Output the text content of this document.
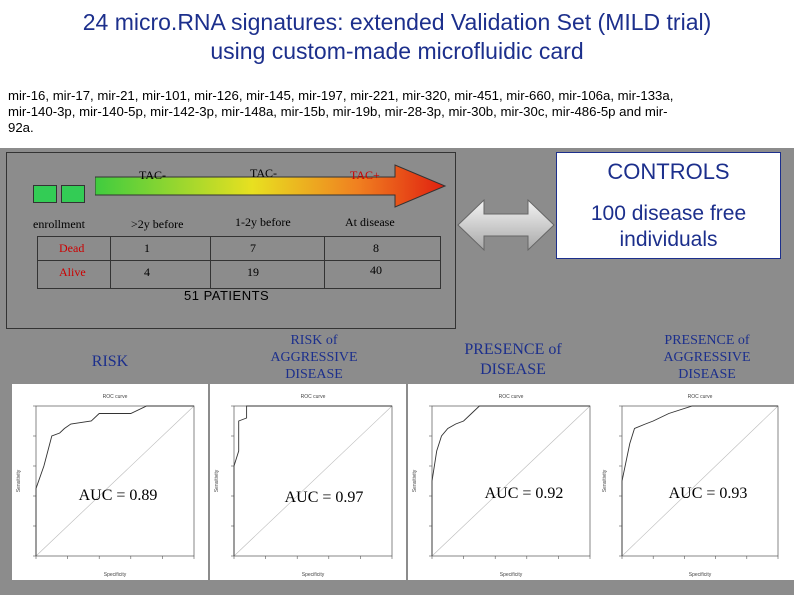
24 micro.RNA signatures: extended Validation Set (MILD trial)
using custom-made microfluidic card
mir-16, mir-17, mir-21, mir-101, mir-126, mir-145, mir-197, mir-221, mir-320, mir-451, mir-660, mir-106a, mir-133a,
mir-140-3p, mir-140-5p, mir-142-3p, mir-148a, mir-15b, mir-19b, mir-28-3p, mir-30b, mir-30c, mir-486-5p and mir-
92a.
TAC-	TAC-	TAC+
enrollment	>2y before	1-2y before	At disease
Dead	1	7	8
Alive	4	19	40
51 PATIENTS
CONTROLS
100 disease free individuals
RISK
RISK of AGGRESSIVE DISEASE
PRESENCE of DISEASE
PRESENCE of AGGRESSIVE DISEASE
ROC curve
Specificity
Sensitivity
ROC curve
Specificity
Sensitivity
ROC curve
Specificity
Sensitivity
ROC curve
Specificity
Sensitivity
AUC = 0.89	AUC = 0.97	AUC = 0.92	AUC = 0.93
